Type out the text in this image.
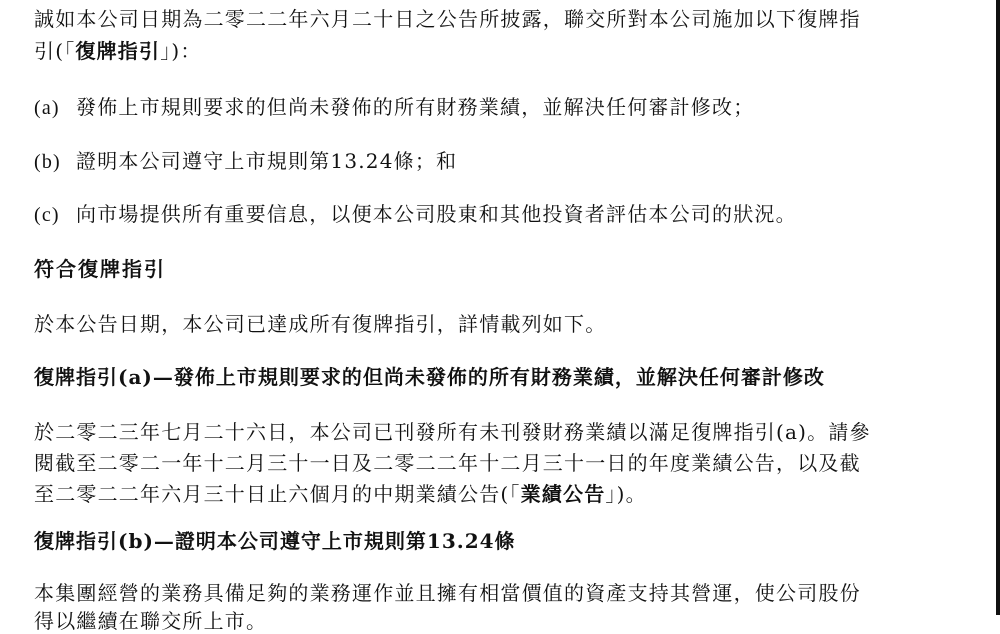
誠如本公司日期為二零二二年六月二十日之公告所披露，聯交所對本公司施加以下復牌指
引(「復牌指引」)：
(a) 發佈上市規則要求的但尚未發佈的所有財務業績，並解決任何審計修改；
(b) 證明本公司遵守上市規則第13.24條；和
(c) 向市場提供所有重要信息，以便本公司股東和其他投資者評估本公司的狀況。
符合復牌指引
於本公告日期，本公司已達成所有復牌指引，詳情載列如下。
復牌指引(a)—發佈上市規則要求的但尚未發佈的所有財務業績，並解決任何審計修改
於二零二三年七月二十六日，本公司已刊發所有未刊發財務業績以滿足復牌指引(a)。請參
閱截至二零二一年十二月三十一日及二零二二年十二月三十一日的年度業績公告，以及截
至二零二二年六月三十日止六個月的中期業績公告(「業績公告」)。
復牌指引(b)—證明本公司遵守上市規則第13.24條
本集團經營的業務具備足夠的業務運作並且擁有相當價值的資產支持其營運，使公司股份
得以繼續在聯交所上市。
